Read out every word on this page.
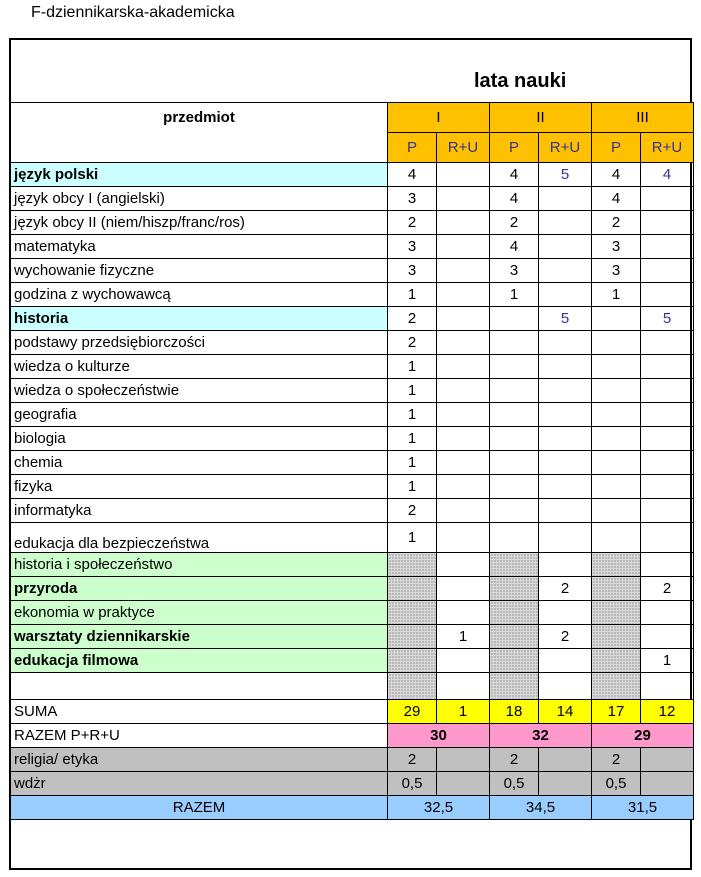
F-dziennikarska-akademicka
lata nauki
przedmiot	I		II		III	
	P	R+U	P	R+U	P	R+U
język polski	4		4	5	4	4
język obcy I (angielski)	3		4		4	
język obcy II (niem/hiszp/franc/ros)	2		2		2	
matematyka	3		4		3	
wychowanie fizyczne	3		3		3	
godzina z wychowawcą	1		1		1	
historia	2			5		5
podstawy przedsiębiorczości	2					
wiedza o kulturze	1					
wiedza o społeczeństwie	1					
geografia	1					
biologia	1					
chemia	1					
fizyka	1					
informatyka	2					
edukacja dla bezpieczeństwa	1					
historia i społeczeństwo						
przyroda				2		2
ekonomia w praktyce						
warsztaty dziennikarskie		1		2		
edukacja filmowa						1

SUMA	29	1	18	14	17	12
RAZEM P+R+U	30		32		29	
religia/ etyka	2		2		2	
wdżr	0,5		0,5		0,5	
RAZEM	32,5		34,5		31,5	
